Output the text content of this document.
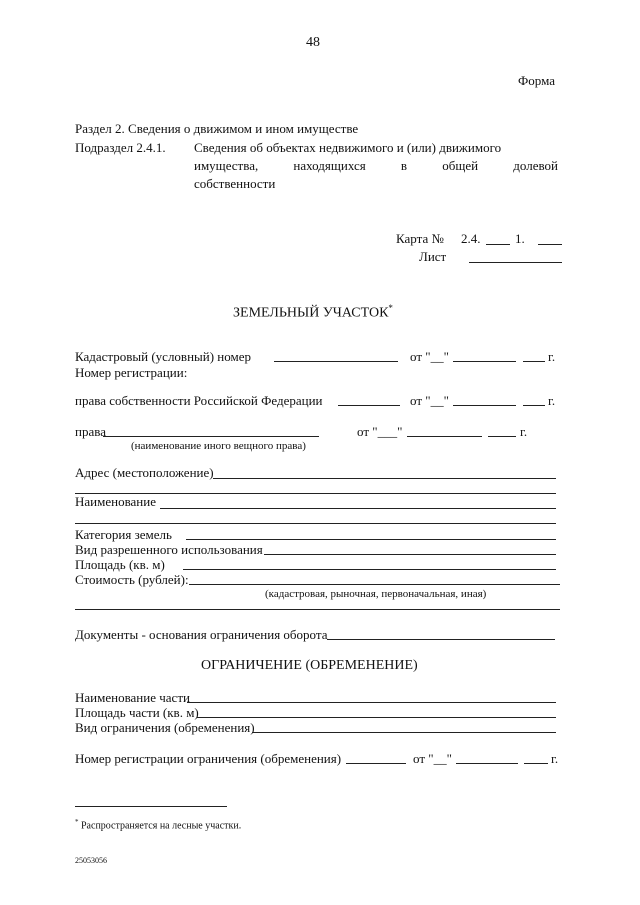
48
Форма
Раздел 2. Сведения о движимом и ином имуществе
Подраздел 2.4.1. Сведения об объектах недвижимого и (или) движимого
имущества,	находящихся	в	общей	долевой
собственности
Карта № 2.4.	1.
Лист
ЗЕМЕЛЬНЫЙ УЧАСТОК*
Кадастровый (условный) номер	от "__"	г.
Номер регистрации:
права собственности Российской Федерации	от "__"	г.
права
(наименование иного вещного права)
от "___"	г.
Адрес (местоположение)
Наименование
Категория земель
Вид разрешенного использования
Площадь (кв. м)
Стоимость (рублей):
(кадастровая, рыночная, первоначальная, иная)
Документы - основания ограничения оборота
ОГРАНИЧЕНИЕ (ОБРЕМЕНЕНИЕ)
Наименование части
Площадь части (кв. м)
Вид ограничения (обременения)
Номер регистрации ограничения (обременения)	от "__"	г.
* Распространяется на лесные участки.
25053056
